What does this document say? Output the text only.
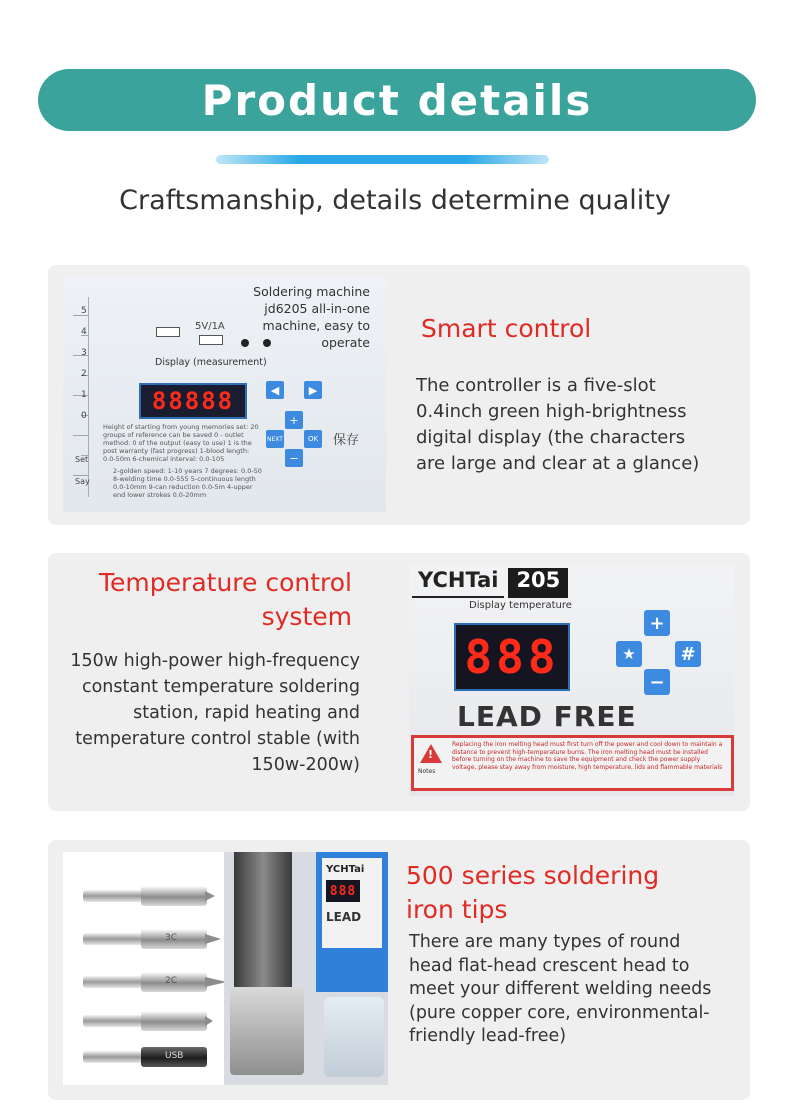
Product details
Craftsmanship, details determine quality
5
4
3
2
1
0
Soldering machine jd6205 all-in-one machine, easy to operate
5V/1A
Display (measurement)
88888	◀	▶
+
NEXT	OK
−
保存
Height of starting from young memories set: 20 groups of reference can be saved 0 - outlet method: 0 of the output (easy to use) 1 is the post warranty (fast progress) 1-blood length: 0.0-50m 6-chemical interval: 0.0-105
2-golden speed: 1-10 years 7 degrees: 0.0-50 8-welding time 0.0-555 5-continuous length 0.0-10mm 9-can reduction 0.0-5m 4-upper end lower strokes 0.0-20mm
Set
Say
Smart control
The controller is a five-slot 0.4inch green high-brightness digital display (the characters are large and clear at a glance)
Temperature control system
150w high-power high-frequency constant temperature soldering station, rapid heating and temperature control stable (with 150w-200w)
YCHTai 205
Display temperature
888
+
★	#
−
LEAD FREE
!
Notes
Replacing the iron melting head must first turn off the power and cool down to maintain a distance to prevent high-temperature burns. The iron melting head must be installed before turning on the machine to save the equipment and check the power supply voltage, please stay away from moisture, high temperature, lids and flammable materials
3C
2C
USB
YCHTai
888
LEAD
500 series soldering iron tips
There are many types of round head flat-head crescent head to meet your different welding needs (pure copper core, environmental-friendly lead-free)
